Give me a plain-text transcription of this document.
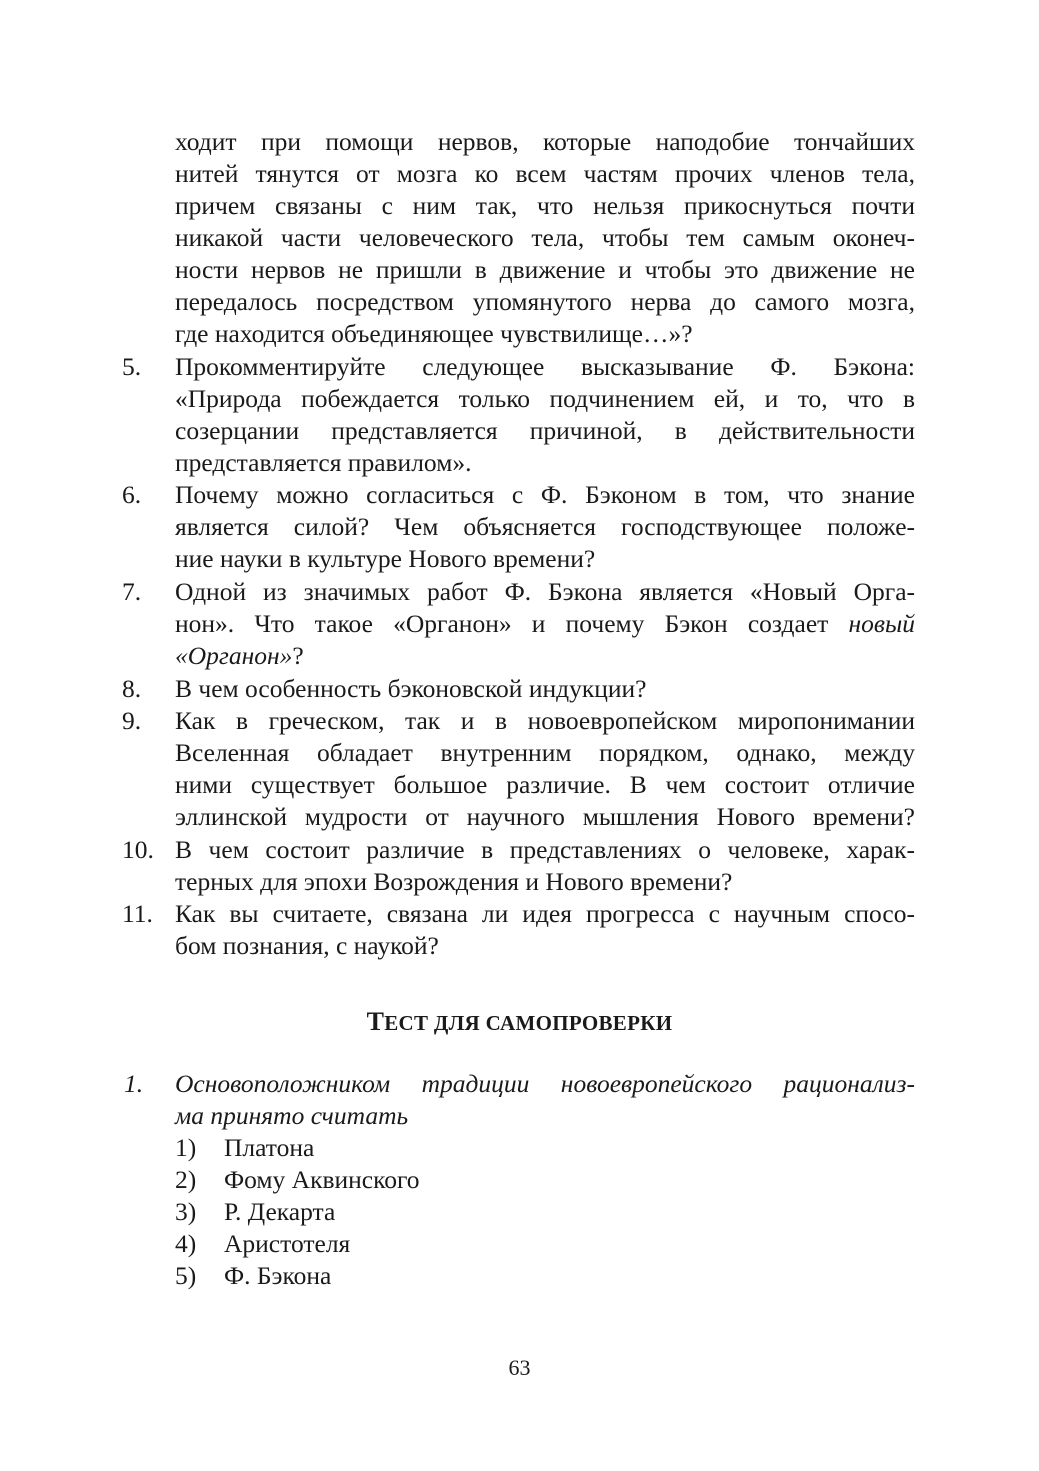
ходит при помощи нервов, которые наподобие тончайших
нитей тянутся от мозга ко всем частям прочих членов тела,
причем связаны с ним так, что нельзя прикоснуться почти
никакой части человеческого тела, чтобы тем самым оконеч-
ности нервов не пришли в движение и чтобы это движение не
передалось посредством упомянутого нерва до самого мозга,
где находится объединяющее чувствилище…»?
5. Прокомментируйте следующее высказывание Ф. Бэкона:
«Природа побеждается только подчинением ей, и то, что в
созерцании представляется причиной, в действительности
представляется правилом».
6. Почему можно согласиться с Ф. Бэконом в том, что знание
является силой? Чем объясняется господствующее положе-
ние науки в культуре Нового времени?
7. Одной из значимых работ Ф. Бэкона является «Новый Орга-
нон». Что такое «Органон» и почему Бэкон создает новый
«Органон»?
8. В чем особенность бэконовской индукции?
9. Как в греческом, так и в новоевропейском миропонимании
Вселенная обладает внутренним порядком, однако, между
ними существует большое различие. В чем состоит отличие
эллинской мудрости от научного мышления Нового времени?
10. В чем состоит различие в представлениях о человеке, харак-
терных для эпохи Возрождения и Нового времени?
11. Как вы считаете, связана ли идея прогресса с научным спосо-
бом познания, с наукой?
ТЕСТ ДЛЯ САМОПРОВЕРКИ
1. Основоположником традиции новоевропейского рационализ-
ма принято считать
1) Платона
2) Фому Аквинского
3) Р. Декарта
4) Аристотеля
5) Ф. Бэкона
63
